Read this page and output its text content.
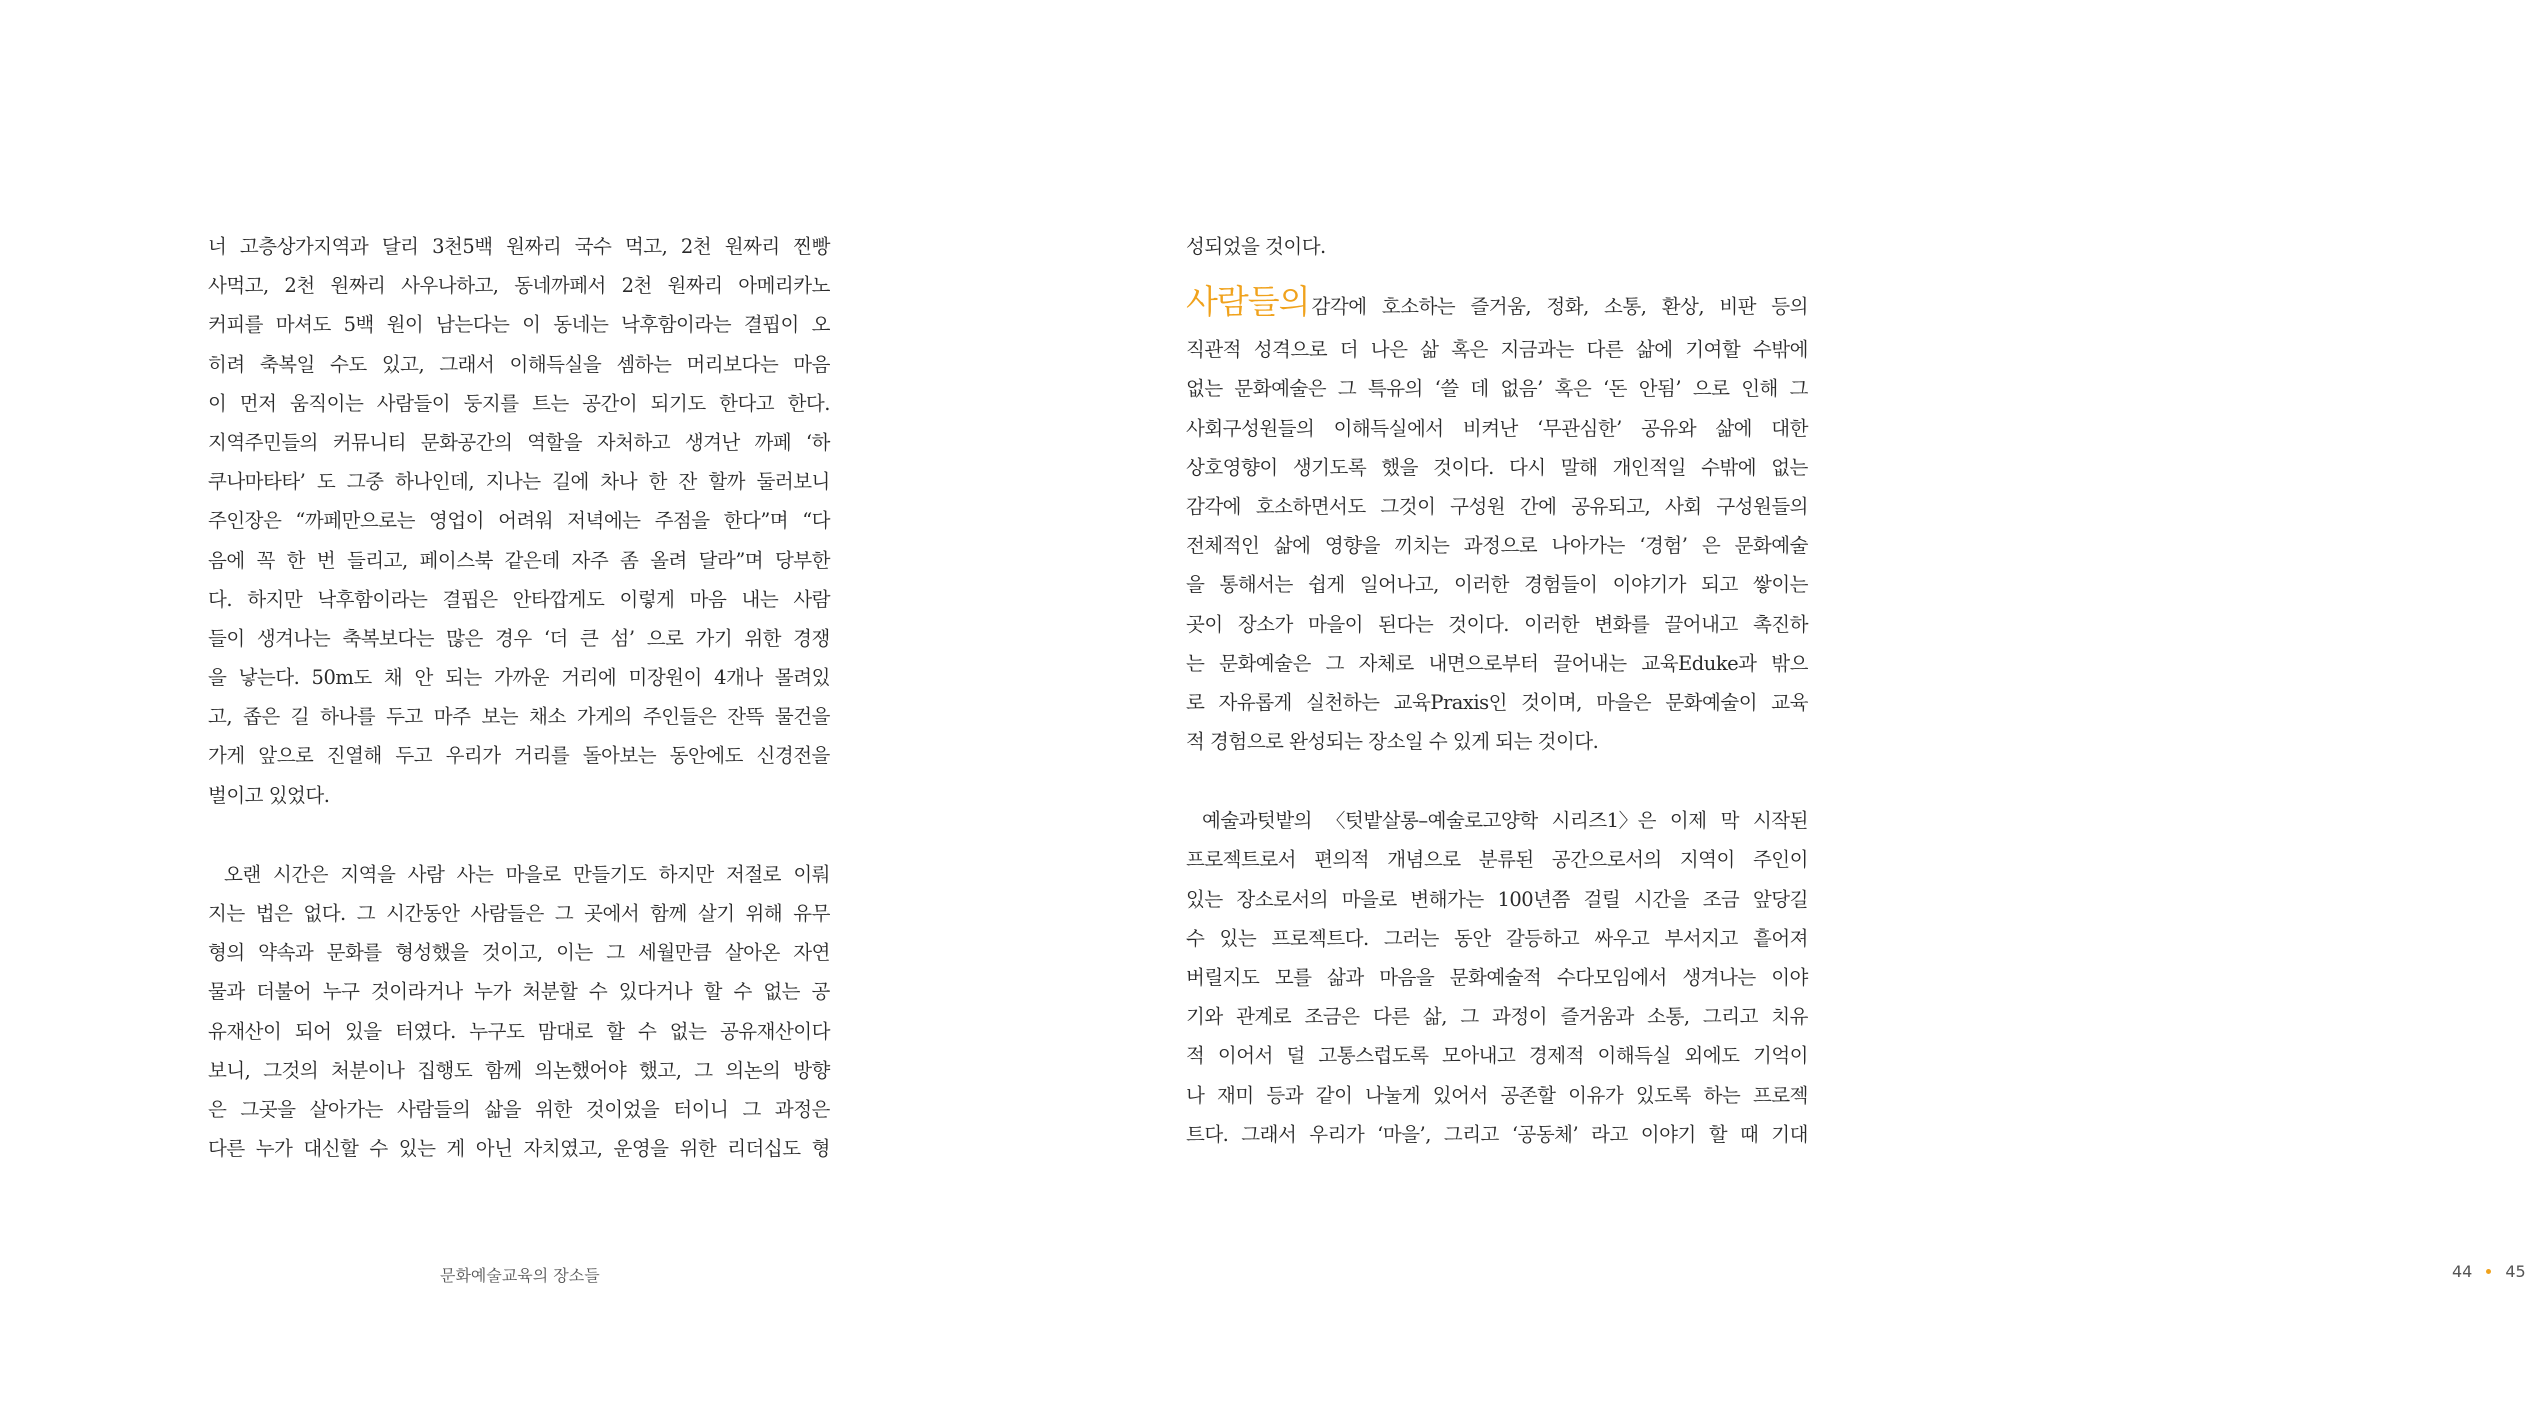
너 고층상가지역과 달리 3천5백 원짜리 국수 먹고, 2천 원짜리 찐빵
사먹고, 2천 원짜리 사우나하고, 동네까페서 2천 원짜리 아메리카노
커피를 마셔도 5백 원이 남는다는 이 동네는 낙후함이라는 결핍이 오
히려 축복일 수도 있고, 그래서 이해득실을 셈하는 머리보다는 마음
이 먼저 움직이는 사람들이 둥지를 트는 공간이 되기도 한다고 한다.
지역주민들의 커뮤니티 문화공간의 역할을 자처하고 생겨난 까페 ‘하
쿠나마타타’ 도 그중 하나인데, 지나는 길에 차나 한 잔 할까 둘러보니
주인장은 “까페만으로는 영업이 어려워 저녁에는 주점을 한다”며 “다
음에 꼭 한 번 들리고, 페이스북 같은데 자주 좀 올려 달라”며 당부한
다. 하지만 낙후함이라는 결핍은 안타깝게도 이렇게 마음 내는 사람
들이 생겨나는 축복보다는 많은 경우 ‘더 큰 섬’ 으로 가기 위한 경쟁
을 낳는다. 50m도 채 안 되는 가까운 거리에 미장원이 4개나 몰려있
고, 좁은 길 하나를 두고 마주 보는 채소 가게의 주인들은 잔뜩 물건을
가게 앞으로 진열해 두고 우리가 거리를 돌아보는 동안에도 신경전을
벌이고 있었다.
오랜 시간은 지역을 사람 사는 마을로 만들기도 하지만 저절로 이뤄
지는 법은 없다. 그 시간동안 사람들은 그 곳에서 함께 살기 위해 유무
형의 약속과 문화를 형성했을 것이고, 이는 그 세월만큼 살아온 자연
물과 더불어 누구 것이라거나 누가 처분할 수 있다거나 할 수 없는 공
유재산이 되어 있을 터였다. 누구도 맘대로 할 수 없는 공유재산이다
보니, 그것의 처분이나 집행도 함께 의논했어야 했고, 그 의논의 방향
은 그곳을 살아가는 사람들의 삶을 위한 것이었을 터이니 그 과정은
다른 누가 대신할 수 있는 게 아닌 자치였고, 운영을 위한 리더십도 형
문화예술교육의 장소들
성되었을 것이다.
사람들의 감각에 호소하는 즐거움, 정화, 소통, 환상, 비판 등의
직관적 성격으로 더 나은 삶 혹은 지금과는 다른 삶에 기여할 수밖에
없는 문화예술은 그 특유의 ‘쓸 데 없음’ 혹은 ‘돈 안됨’ 으로 인해 그
사회구성원들의 이해득실에서 비켜난 ‘무관심한’ 공유와 삶에 대한
상호영향이 생기도록 했을 것이다. 다시 말해 개인적일 수밖에 없는
감각에 호소하면서도 그것이 구성원 간에 공유되고, 사회 구성원들의
전체적인 삶에 영향을 끼치는 과정으로 나아가는 ‘경험’ 은 문화예술
을 통해서는 쉽게 일어나고, 이러한 경험들이 이야기가 되고 쌓이는
곳이 장소가 마을이 된다는 것이다. 이러한 변화를 끌어내고 촉진하
는 문화예술은 그 자체로 내면으로부터 끌어내는 교육Eduke과 밖으
로 자유롭게 실천하는 교육Praxis인 것이며, 마을은 문화예술이 교육
적 경험으로 완성되는 장소일 수 있게 되는 것이다.
예술과텃밭의 〈텃밭살롱–예술로고양학 시리즈1〉은 이제 막 시작된
프로젝트로서 편의적 개념으로 분류된 공간으로서의 지역이 주인이
있는 장소로서의 마을로 변해가는 100년쯤 걸릴 시간을 조금 앞당길
수 있는 프로젝트다. 그러는 동안 갈등하고 싸우고 부서지고 흩어져
버릴지도 모를 삶과 마음을 문화예술적 수다모임에서 생겨나는 이야
기와 관계로 조금은 다른 삶, 그 과정이 즐거움과 소통, 그리고 치유
적 이어서 덜 고통스럽도록 모아내고 경제적 이해득실 외에도 기억이
나 재미 등과 같이 나눌게 있어서 공존할 이유가 있도록 하는 프로젝
트다. 그래서 우리가 ‘마을’, 그리고 ‘공동체’ 라고 이야기 할 때 기대
44 45
